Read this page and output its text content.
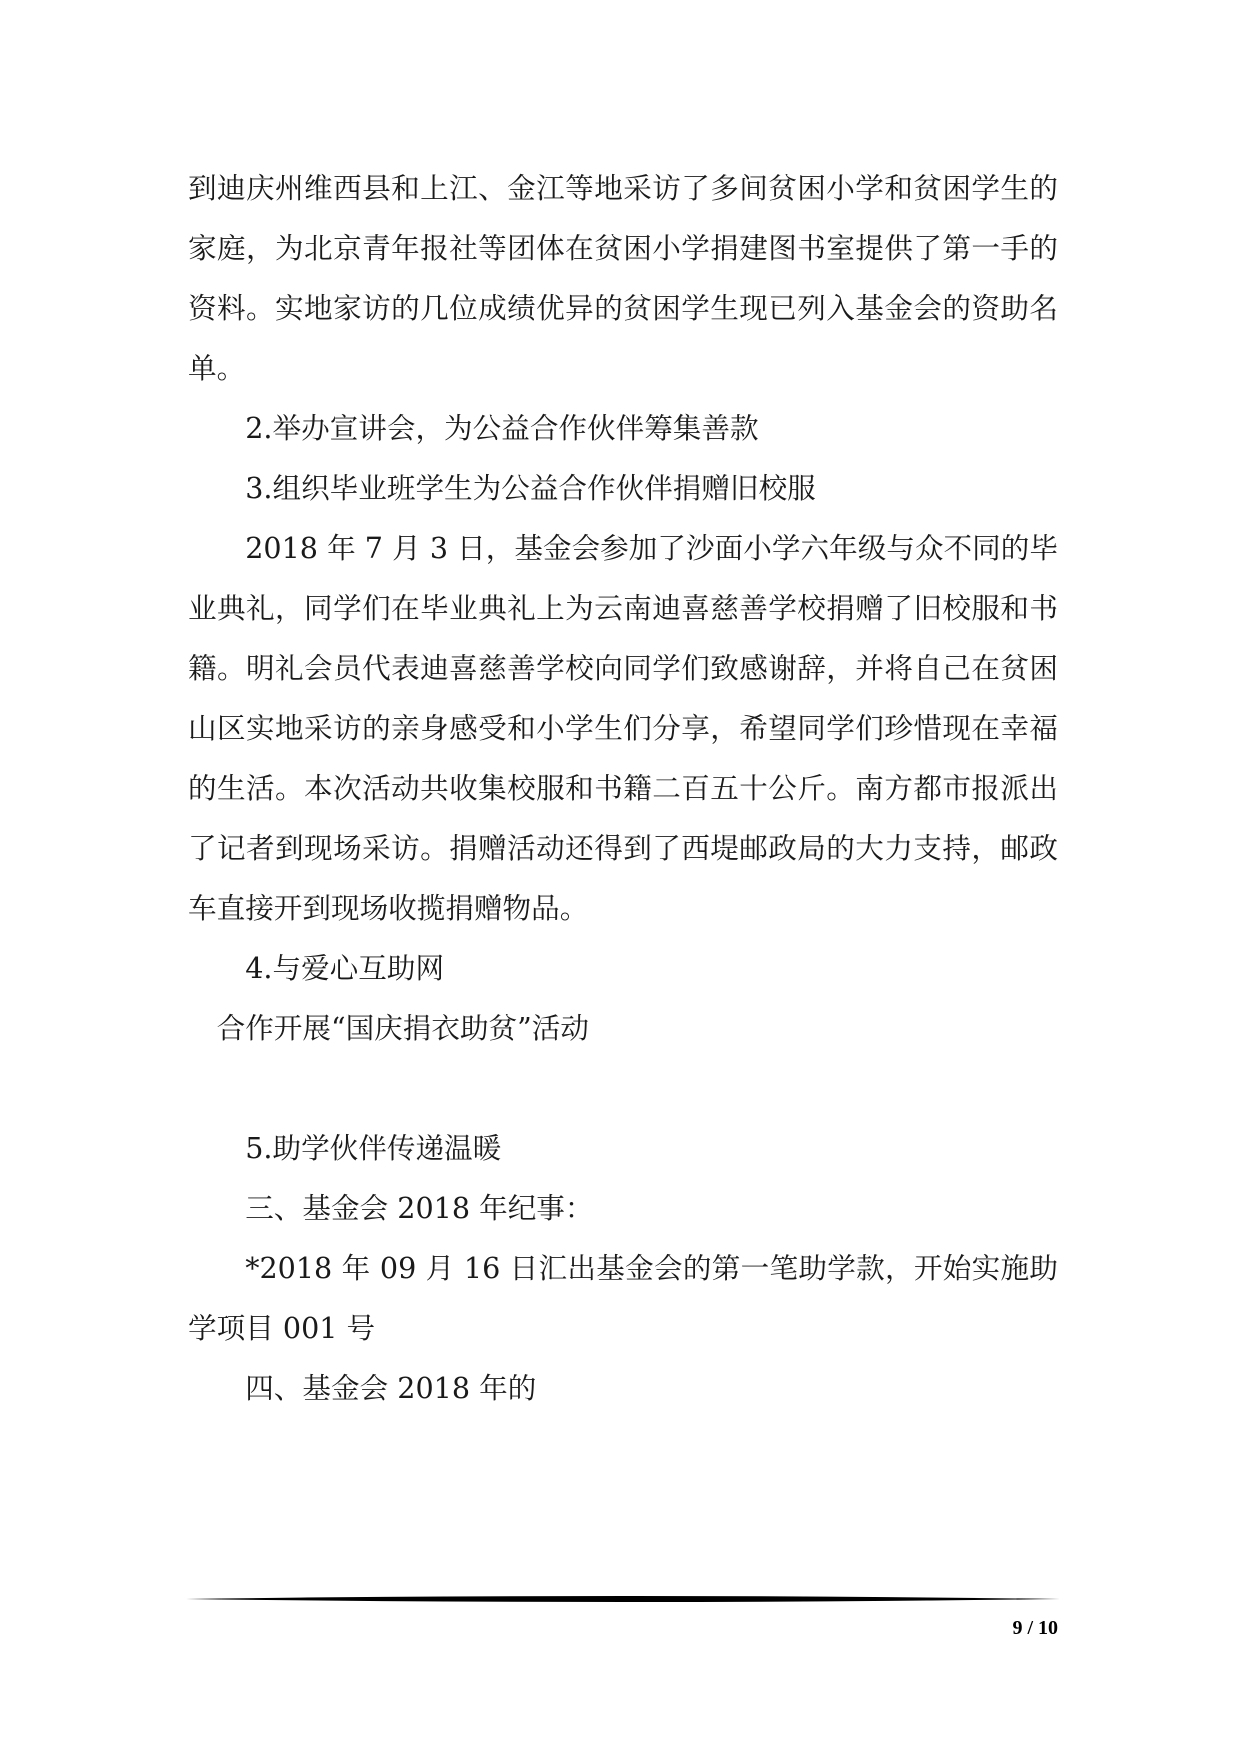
到迪庆州维西县和上江、金江等地采访了多间贫困小学和贫困学生的家庭，为北京青年报社等团体在贫困小学捐建图书室提供了第一手的资料。实地家访的几位成绩优异的贫困学生现已列入基金会的资助名单。

2.举办宣讲会，为公益合作伙伴筹集善款

3.组织毕业班学生为公益合作伙伴捐赠旧校服

2018 年 7 月 3 日，基金会参加了沙面小学六年级与众不同的毕业典礼，同学们在毕业典礼上为云南迪喜慈善学校捐赠了旧校服和书籍。明礼会员代表迪喜慈善学校向同学们致感谢辞，并将自己在贫困山区实地采访的亲身感受和小学生们分享，希望同学们珍惜现在幸福的生活。本次活动共收集校服和书籍二百五十公斤。南方都市报派出了记者到现场采访。捐赠活动还得到了西堤邮政局的大力支持，邮政车直接开到现场收揽捐赠物品。

4.与爱心互助网

合作开展“国庆捐衣助贫”活动

5.助学伙伴传递温暖

三、基金会 2018 年纪事：

*2018 年 09 月 16 日汇出基金会的第一笔助学款，开始实施助学项目 001 号

四、基金会 2018 年的

9 / 10
